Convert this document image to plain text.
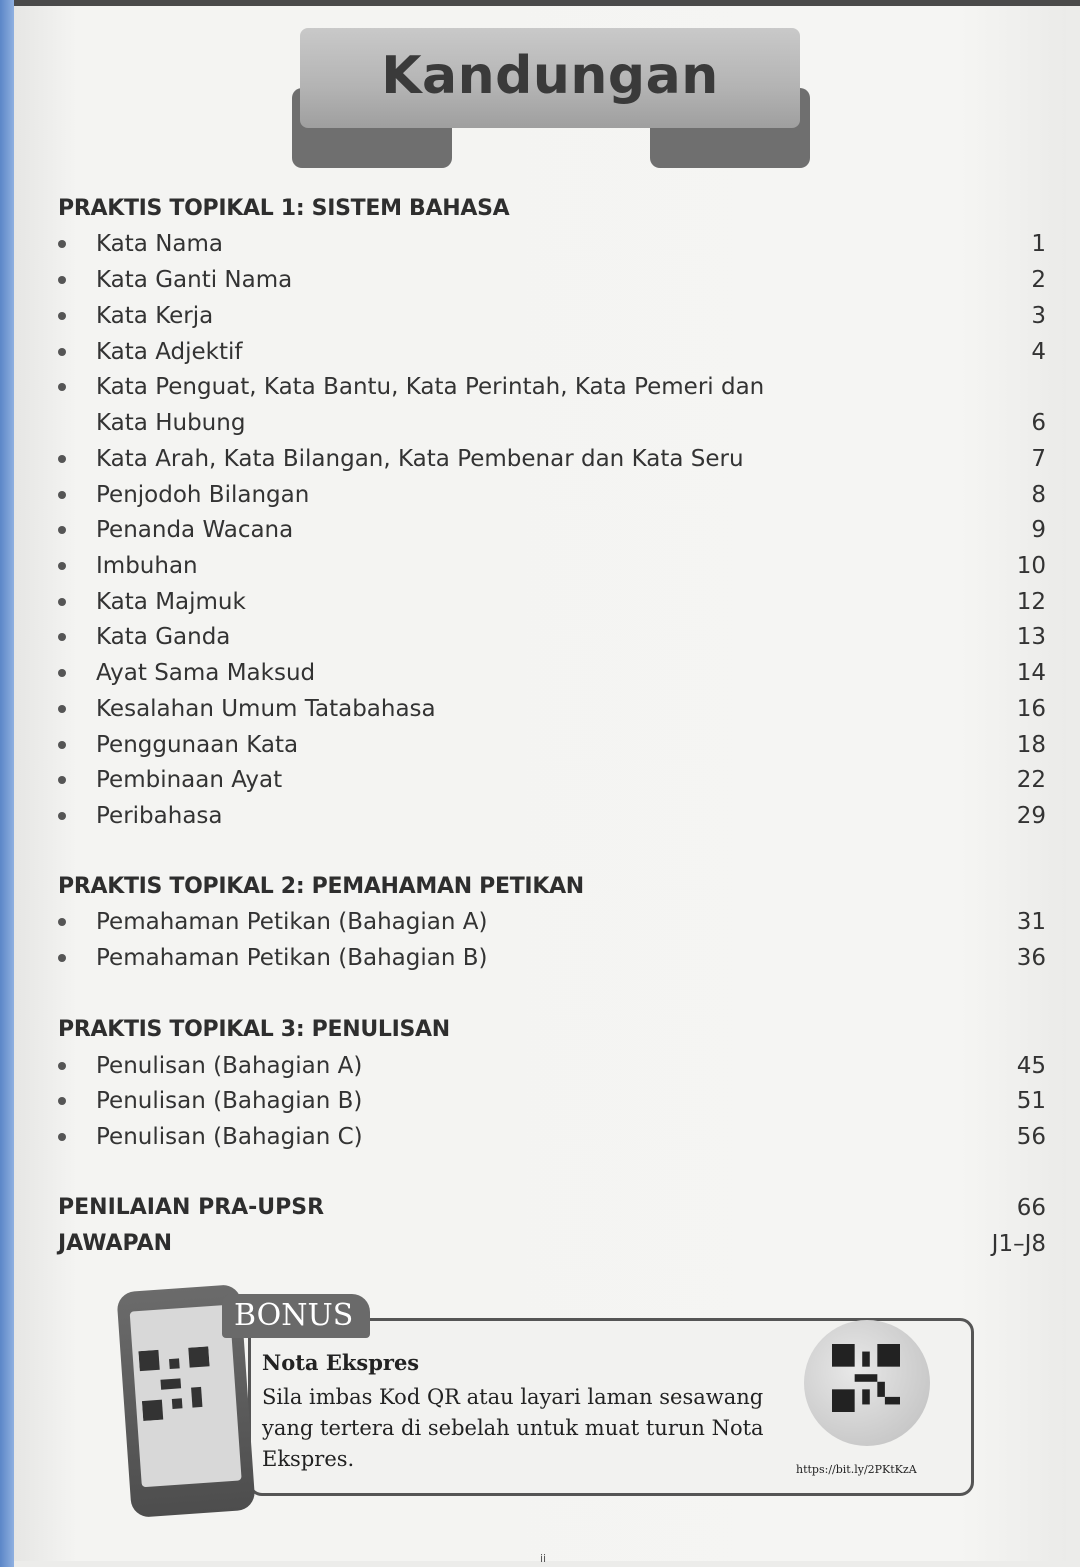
Kandungan
PRAKTIS TOPIKAL 1: SISTEM BAHASA
Kata Nama	1
Kata Ganti Nama	2
Kata Kerja	3
Kata Adjektif	4
Kata Penguat, Kata Bantu, Kata Perintah, Kata Pemeri dan
Kata Hubung	6
Kata Arah, Kata Bilangan, Kata Pembenar dan Kata Seru	7
Penjodoh Bilangan	8
Penanda Wacana	9
Imbuhan	10
Kata Majmuk	12
Kata Ganda	13
Ayat Sama Maksud	14
Kesalahan Umum Tatabahasa	16
Penggunaan Kata	18
Pembinaan Ayat	22
Peribahasa	29
PRAKTIS TOPIKAL 2: PEMAHAMAN PETIKAN
Pemahaman Petikan (Bahagian A)	31
Pemahaman Petikan (Bahagian B)	36
PRAKTIS TOPIKAL 3: PENULISAN
Penulisan (Bahagian A)	45
Penulisan (Bahagian B)	51
Penulisan (Bahagian C)	56
PENILAIAN PRA-UPSR	66
JAWAPAN	J1–J8
BONUS
Nota Ekspres
Sila imbas Kod QR atau layari laman sesawang yang tertera di sebelah untuk muat turun Nota Ekspres.	https://bit.ly/2PKtKzA
ii
